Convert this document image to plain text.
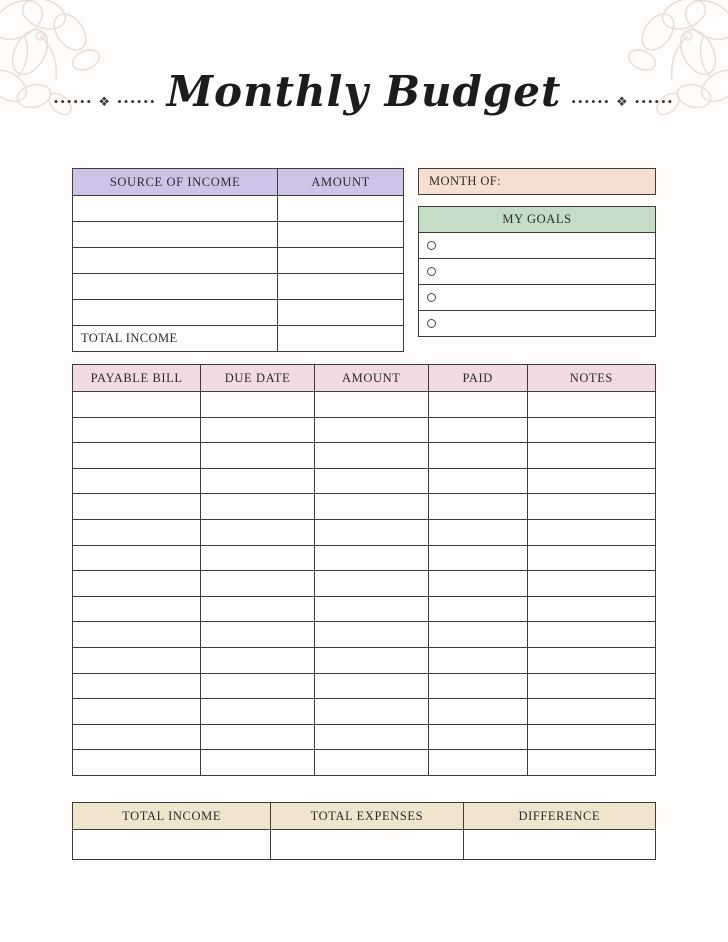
•••••• ❖ •••••• Monthly Budget •••••• ❖ ••••••
SOURCE OF INCOME	AMOUNT

TOTAL INCOME	
MONTH OF:
MY GOALS
PAYABLE BILL	DUE DATE	AMOUNT	PAID	NOTES

TOTAL INCOME	TOTAL EXPENSES	DIFFERENCE
